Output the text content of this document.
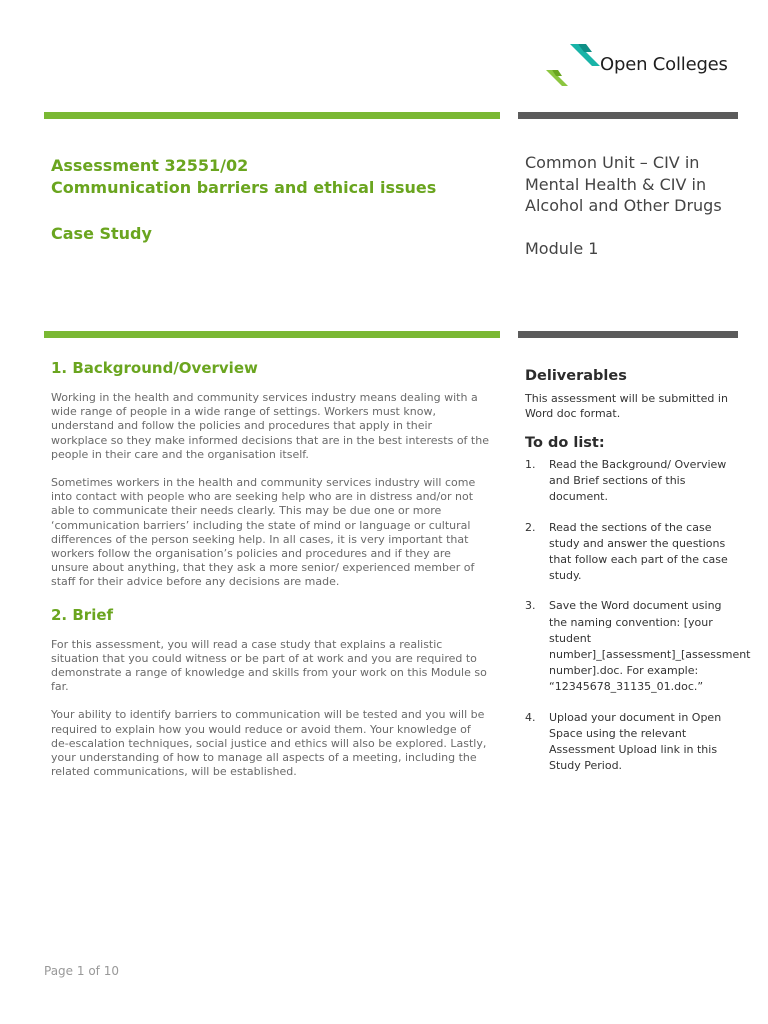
Open Colleges
Assessment 32551/02
Communication barriers and ethical issues
Case Study
Common Unit – CIV in Mental Health & CIV in Alcohol and Other Drugs
Module 1
1. Background/Overview

Working in the health and community services industry means dealing with a wide range of people in a wide range of settings. Workers must know, understand and follow the policies and procedures that apply in their workplace so they make informed decisions that are in the best interests of the people in their care and the organisation itself.

Sometimes workers in the health and community services industry will come into contact with people who are seeking help who are in distress and/or not able to communicate their needs clearly. This may be due one or more ‘communication barriers’ including the state of mind or language or cultural differences of the person seeking help. In all cases, it is very important that workers follow the organisation’s policies and procedures and if they are unsure about anything, that they ask a more senior/ experienced member of staff for their advice before any decisions are made.

2. Brief

For this assessment, you will read a case study that explains a realistic situation that you could witness or be part of at work and you are required to demonstrate a range of knowledge and skills from your work on this Module so far.

Your ability to identify barriers to communication will be tested and you will be required to explain how you would reduce or avoid them. Your knowledge of de-escalation techniques, social justice and ethics will also be explored. Lastly, your understanding of how to manage all aspects of a meeting, including the related communications, will be established.

Deliverables

This assessment will be submitted in Word doc format.

To do list:
1. Read the Background/ Overview and Brief sections of this document.
2. Read the sections of the case study and answer the questions that follow each part of the case study.
3. Save the Word document using the naming convention: [your student number]_[assessment]_[assessment number].doc. For example: “12345678_31135_01.doc.”
4. Upload your document in Open Space using the relevant Assessment Upload link in this Study Period.
Page 1 of 10
